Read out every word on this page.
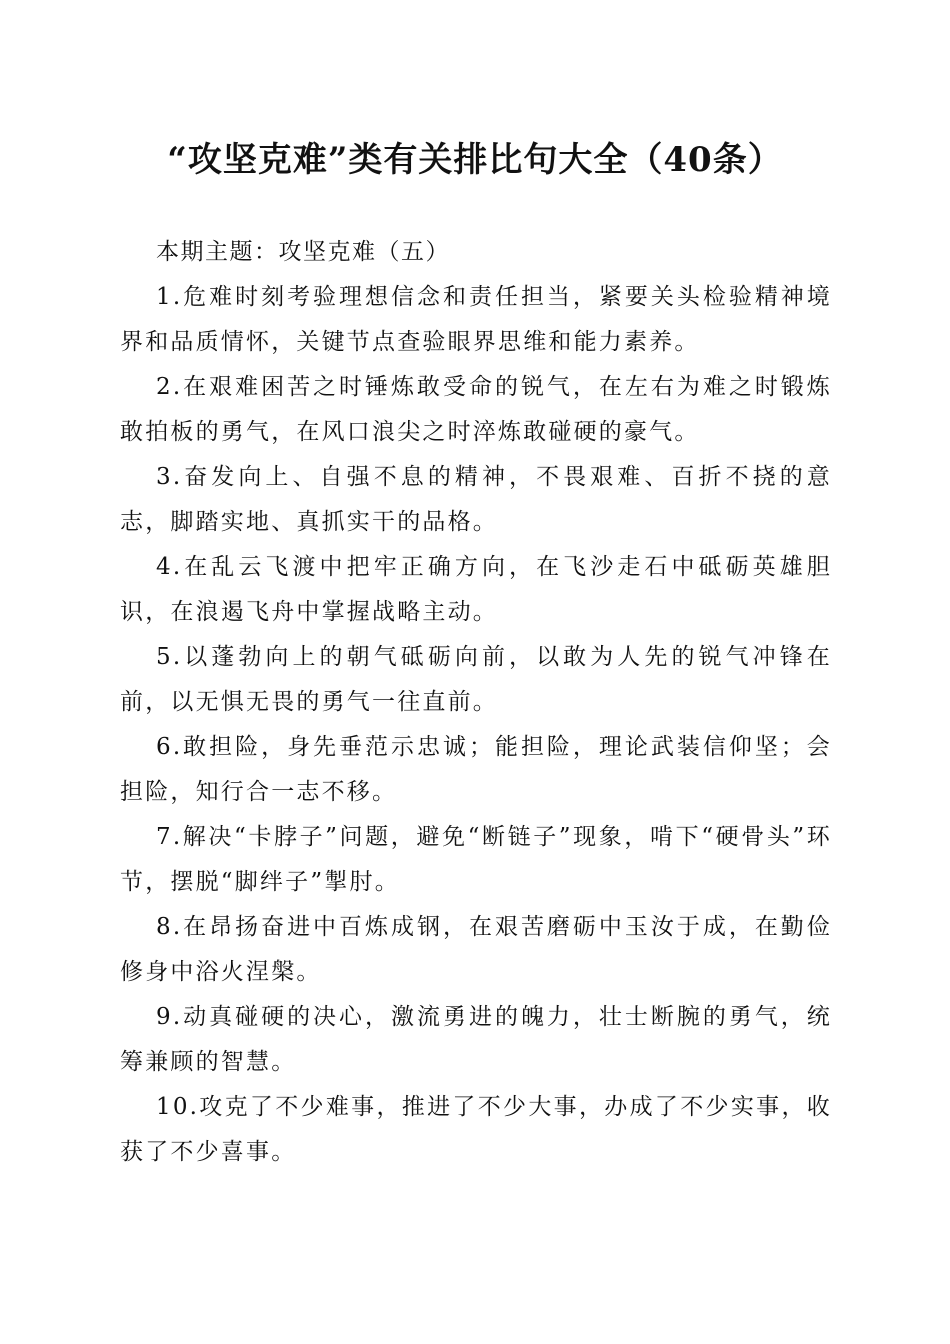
“攻坚克难”类有关排比句大全（40条）

本期主题：攻坚克难（五）

1.危难时刻考验理想信念和责任担当，紧要关头检验精神境界和品质情怀，关键节点查验眼界思维和能力素养。

2.在艰难困苦之时锤炼敢受命的锐气，在左右为难之时锻炼敢拍板的勇气，在风口浪尖之时淬炼敢碰硬的豪气。

3.奋发向上、自强不息的精神，不畏艰难、百折不挠的意志，脚踏实地、真抓实干的品格。

4.在乱云飞渡中把牢正确方向，在飞沙走石中砥砺英雄胆识，在浪遏飞舟中掌握战略主动。

5.以蓬勃向上的朝气砥砺向前，以敢为人先的锐气冲锋在前，以无惧无畏的勇气一往直前。

6.敢担险，身先垂范示忠诚；能担险，理论武装信仰坚；会担险，知行合一志不移。

7.解决“卡脖子”问题，避免“断链子”现象，啃下“硬骨头”环节，摆脱“脚绊子”掣肘。

8.在昂扬奋进中百炼成钢，在艰苦磨砺中玉汝于成，在勤俭修身中浴火涅槃。

9.动真碰硬的决心，激流勇进的魄力，壮士断腕的勇气，统筹兼顾的智慧。

10.攻克了不少难事，推进了不少大事，办成了不少实事，收获了不少喜事。
